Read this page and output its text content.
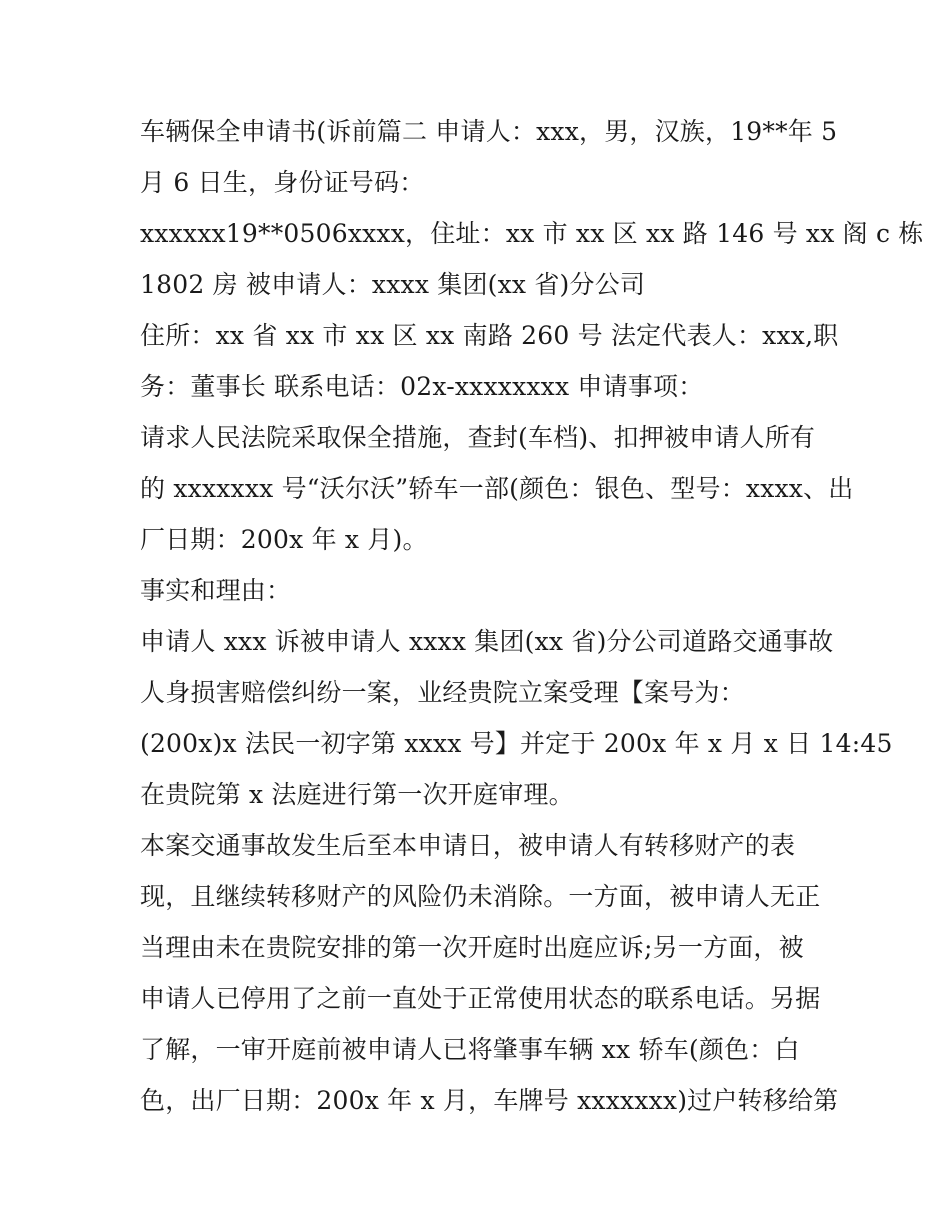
车辆保全申请书(诉前篇二 申请人：xxx，男，汉族，19**年 5
月 6 日生，身份证号码：
xxxxxx19**0506xxxx，住址：xx 市 xx 区 xx 路 146 号 xx 阁 c 栋
1802 房 被申请人：xxxx 集团(xx 省)分公司
住所：xx 省 xx 市 xx 区 xx 南路 260 号 法定代表人：xxx,职
务：董事长 联系电话：02x-xxxxxxxx 申请事项：
请求人民法院采取保全措施，查封(车档)、扣押被申请人所有
的 xxxxxxx 号“沃尔沃”轿车一部(颜色：银色、型号：xxxx、出
厂日期：200x 年 x 月)。
事实和理由：
申请人 xxx 诉被申请人 xxxx 集团(xx 省)分公司道路交通事故
人身损害赔偿纠纷一案，业经贵院立案受理【案号为：
(200x)x 法民一初字第 xxxx 号】并定于 200x 年 x 月 x 日 14:45
在贵院第 x 法庭进行第一次开庭审理。
本案交通事故发生后至本申请日，被申请人有转移财产的表
现，且继续转移财产的风险仍未消除。一方面，被申请人无正
当理由未在贵院安排的第一次开庭时出庭应诉;另一方面，被
申请人已停用了之前一直处于正常使用状态的联系电话。另据
了解，一审开庭前被申请人已将肇事车辆 xx 轿车(颜色：白
色，出厂日期：200x 年 x 月，车牌号 xxxxxxx)过户转移给第
